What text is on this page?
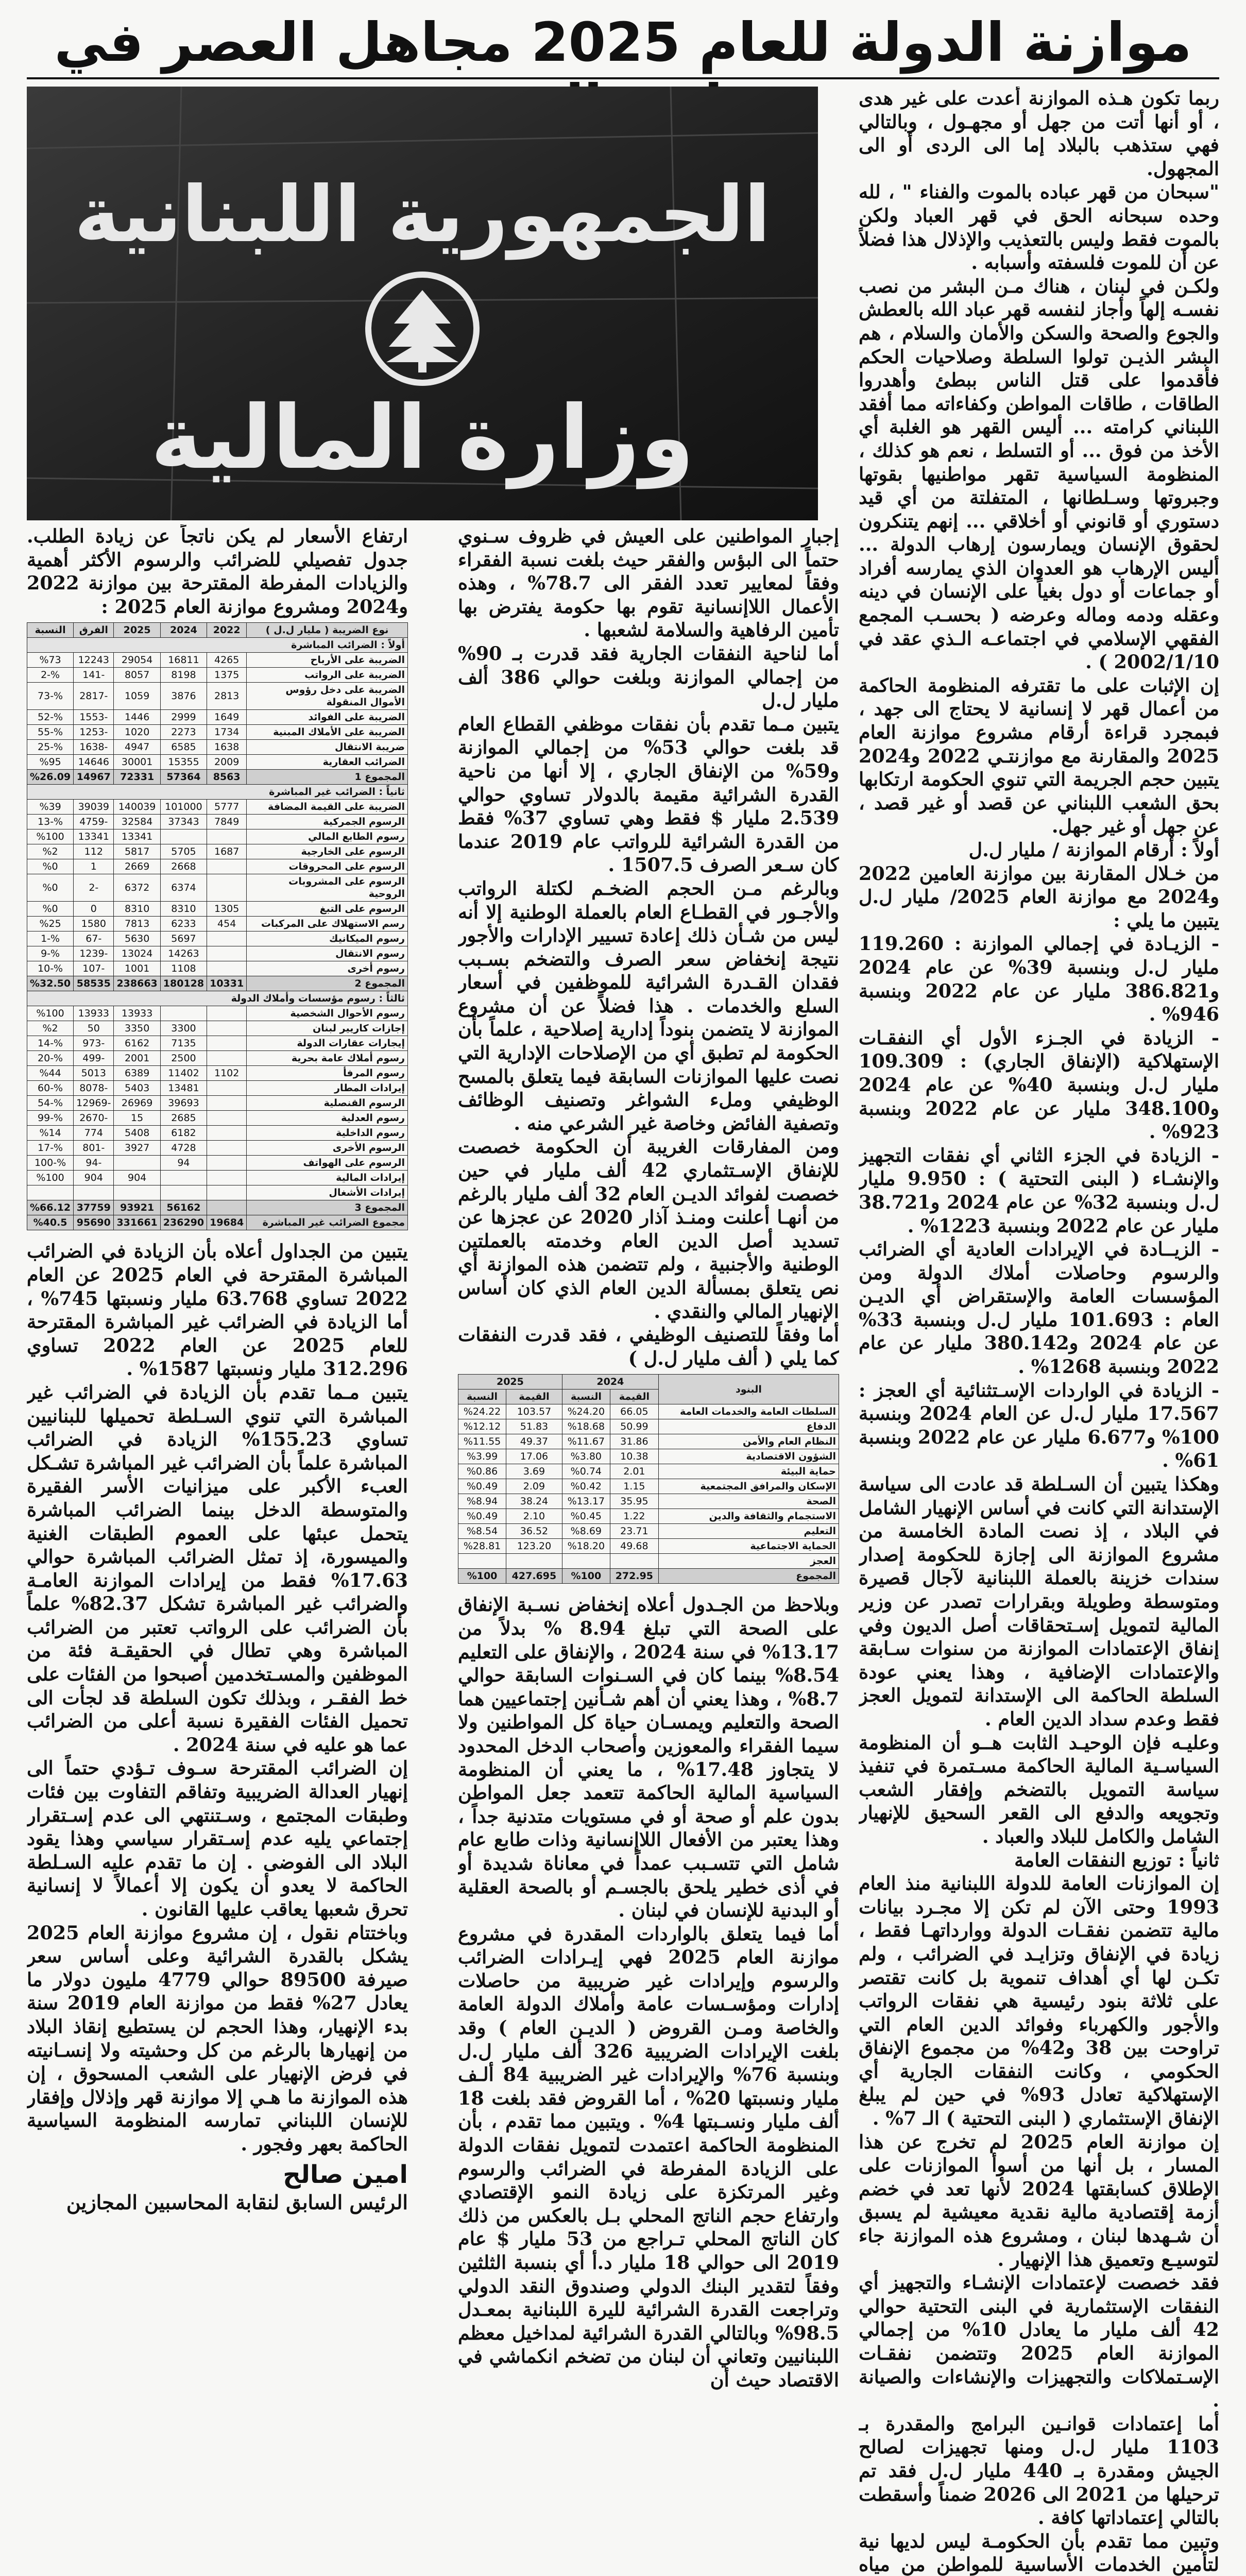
موازنة الدولة للعام 2025 مجاهل العصر في
الجمهورية اللبنانية
وزارة المالية

ربما تكون هـذه الموازنة أعدت على غير هدى ، أو أنها أتت من جهل أو مجهـول ، وبالتالي فهي ستذهب بالبلاد إما الى الردى أو الى المجهول.

"سبحان من قهر عباده بالموت والفناء " ، لله وحده سبحانه الحق في قهر العباد ولكن بالموت فقط وليس بالتعذيب والإذلال هذا فضلاً عن أن للموت فلسفته وأسبابه .

ولكـن في لبنان ، هناك مـن البشر من نصب نفسـه إلهاً وأجاز لنفسه قهر عباد الله بالعطش والجوع والصحة والسكن والأمان والسلام ، هم البشر الذيـن تولوا السلطة وصلاحيات الحكم فأقدموا على قتل الناس ببطئ وأهدروا الطاقات ، طاقات المواطن وكفاءاته مما أفقد اللبناني كرامته ... أليس القهر هو الغلبة أي الأخذ من فوق ... أو التسلط ، نعم هو كذلك ، المنظومة السياسية تقهر مواطنيها بقوتها وجبروتها وسـلطانها ، المتفلتة من أي قيد دستوري أو قانوني أو أخلاقي ... إنهم يتنكرون لحقوق الإنسان ويمارسون إرهاب الدولة ... أليس الإرهاب هو العدوان الذي يمارسه أفراد أو جماعات أو دول بغياً على الإنسان في دينه وعقله ودمه وماله وعرضه ( بحسـب المجمع الفقهي الإسلامي في اجتماعـه الـذي عقد في 2002/1/10 ) .

إن الإثبات على ما تقترفه المنظومة الحاكمة من أعمال قهر لا إنسانية لا يحتاج الى جهد ، فبمجرد قراءة أرقام مشروع موازنة العام 2025 والمقارنة مع موازنتـي 2022 و2024 يتبين حجم الجريمة التي تنوي الحكومة ارتكابها بحق الشعب اللبناني عن قصد أو غير قصد ، عن جهل أو غير جهل.

أولاً : أرقام الموازنة / مليار ل.ل

من خـلال المقارنة بين موازنة العامين 2022 و2024 مع موازنة العام 2025/ مليار ل.ل يتبين ما يلي :

- الزيـادة في إجمالي الموازنة : 119.260 مليار ل.ل وبنسبة 39% عن عام 2024 و386.821 مليار عن عام 2022 وبنسبة 946% .

- الزيادة في الجـزء الأول أي النفقـات الإستهلاكية (الإنفاق الجاري) : 109.309 مليار ل.ل وبنسبة 40% عن عام 2024 و348.100 مليار عن عام 2022 وبنسبة 923% .

- الزيادة في الجزء الثاني أي نفقات التجهيز والإنشـاء ( البنى التحتية ) : 9.950 مليار ل.ل وبنسبة 32% عن عام 2024 و38.721 مليار عن عام 2022 وبنسبة 1223% .

- الزيــادة في الإيرادات العادية أي الضرائب والرسوم وحاصلات أملاك الدولة ومن المؤسسات العامة والإستقراض أي الديـن العام : 101.693 مليار ل.ل وبنسبة 33% عن عام 2024 و380.142 مليار عن عام 2022 وبنسبة 1268% .

- الزيادة في الواردات الإسـتثنائية أي العجز : 17.567 مليار ل.ل عن العام 2024 وبنسبة 100% و6.677 مليار عن عام 2022 وبنسبة 61% .

وهكذا يتبين أن السـلطة قد عادت الى سياسة الإستدانة التي كانت في أساس الإنهيار الشامل في البلاد ، إذ نصت المادة الخامسة من مشروع الموازنة الى إجازة للحكومة إصدار سندات خزينة بالعملة اللبنانية لآجال قصيرة ومتوسطة وطويلة وبقرارات تصدر عن وزير المالية لتمويل إسـتحقاقات أصل الديون وفي إنفاق الإعتمادات الموازنة من سنوات سـابقة والإعتمادات الإضافية ، وهذا يعني عودة السلطة الحاكمة الى الإستدانة لتمويل العجز فقط وعدم سداد الدين العام .

وعليـه فإن الوحيـد الثابت هــو أن المنظومة السياسـية المالية الحاكمة مسـتمرة في تنفيذ سياسة التمويل بالتضخم وإفقار الشعب وتجويعه والدفع الى القعر السحيق للإنهيار الشامل والكامل للبلاد والعباد .

ثانياً : توزيع النفقات العامة

إن الموازنات العامة للدولة اللبنانية منذ العام 1993 وحتى الآن لم تكن إلا مجـرد بيانات مالية تتضمن نفقـات الدولة ووارداتهـا فقط ، زيادة في الإنفاق وتزايـد في الضرائب ، ولم تكـن لها أي أهداف تنموية بل كانت تقتصر على ثلاثة بنود رئيسية هي نفقات الرواتب والأجور والكهرباء وفوائد الدين العام التي تراوحت بين 38 و42% من مجموع الإنفاق الحكومي ، وكانت النفقات الجارية أي الإستهلاكية تعادل 93% في حين لم يبلغ الإنفاق الإستثماري ( البنى التحتية ) الـ 7% .

إن موازنة العام 2025 لم تخرج عن هذا المسار ، بل أنها من أسوأ الموازنات على الإطلاق كسابقتها 2024 لأنها تعد في خضم أزمة إقتصادية مالية نقدية معيشية لم يسبق أن شـهدها لبنان ، ومشروع هذه الموازنة جاء لتوسيـع وتعميق هذا الإنهيار .

فقد خصصت لإعتمادات الإنشـاء والتجهيز أي النفقات الإستثمارية في البنى التحتية حوالي 42 ألف مليار ما يعادل 10% من إجمالي الموازنة العام 2025 وتتضمن نفقـات الإسـتملاكات والتجهيزات والإنشاءات والصيانة .

أما إعتمادات قوانـين البرامج والمقدرة بـ 1103 مليار ل.ل ومنها تجهيزات لصالح الجيش ومقدرة بـ 440 مليار ل.ل فقد تم ترحيلها من 2021 الى 2026 ضمناً وأسقطت بالتالي إعتماداتها كافة .

وتبين مما تقدم بأن الحكومـة ليس لديها نية لتأمين الخدمات الأساسية للمواطن من مياه

إجبار المواطنين على العيش في ظروف سـنوي حتماً الى البؤس والفقر حيث بلغت نسبة الفقراء وفقاً لمعايير تعدد الفقر الى 78.7% ، وهذه الأعمال اللاإنسانية تقوم بها حكومة يفترض بها تأمين الرفاهية والسلامة لشعبها .

أما لناحية النفقات الجارية فقد قدرت بـ 90% من إجمالي الموازنة وبلغت حوالي 386 ألف مليار ل.ل

يتبين مـما تقدم بأن نفقات موظفي القطاع العام قد بلغت حوالي 53% من إجمالي الموازنة و59% من الإنفاق الجاري ، إلا أنها من ناحية القدرة الشرائية مقيمة بالدولار تساوي حوالي 2.539 مليار $ فقط وهي تساوي 37% فقط من القدرة الشرائية للرواتب عام 2019 عندما كان سـعر الصرف 1507.5 .

وبالرغم مـن الحجم الضخـم لكتلة الرواتب والأجـور في القطـاع العام بالعملة الوطنية إلا أنه ليس من شـأن ذلك إعادة تسيير الإدارات والأجور نتيجة إنخفاض سعر الصرف والتضخم بسـبب فقدان القـدرة الشرائية للموظفين في أسعار السلع والخدمات . هذا فضلاً عن أن مشروع الموازنة لا يتضمن بنوداً إدارية إصلاحية ، علماً بأن الحكومة لم تطبق أي من الإصلاحات الإدارية التي نصت عليها الموازنات السابقة فيما يتعلق بالمسح الوظيفي وملء الشواغر وتصنيف الوظائف وتصفية الفائض وخاصة غير الشرعي منه .

ومن المفارقات الغريبة أن الحكومة خصصت للإنفاق الإسـتثماري 42 ألف مليار في حين خصصت لفوائد الديـن العام 32 ألف مليار بالرغم من أنهـا أعلنت ومنـذ آذار 2020 عن عجزها عن تسديد أصل الدين العام وخدمته بالعملتين الوطنية والأجنبية ، ولم تتضمن هذه الموازنة أي نص يتعلق بمسألة الدين العام الذي كان أساس الإنهيار المالي والنقدي .

أما وفقاً للتصنيف الوظيفي ، فقد قدرت النفقات كما يلي ( ألف مليار ل.ل )

البنود	2024		2025	
	القيمة	النسبة	القيمة	النسبة
السلطات العامة والخدمات العامة	66.05	%24.20	103.57	%24.22
الدفاع	50.99	%18.68	51.83	%12.12
النظام العام والأمن	31.86	%11.67	49.37	%11.55
الشؤون الاقتصادية	10.38	%3.80	17.06	%3.99
حماية البيئة	2.01	%0.74	3.69	%0.86
الإسكان والمرافق المجتمعية	1.15	%0.42	2.09	%0.49
الصحة	35.95	%13.17	38.24	%8.94
الاستجمام والثقافة والدين	1.22	%0.45	2.10	%0.49
التعليم	23.71	%8.69	36.52	%8.54
الحماية الاجتماعية	49.68	%18.20	123.20	%28.81
العجز				
المجموع	272.95	%100	427.695	%100

وبلاحظ من الجـدول أعلاه إنخفاض نسـبة الإنفاق على الصحة التي تبلغ 8.94 % بدلاً من 13.17% في سنة 2024 ، والإنفاق على التعليم 8.54% بينما كان في السـنوات السابقة حوالي 8.7% ، وهذا يعني أن أهم شـأنين إجتماعيين هما الصحة والتعليم ويمسـان حياة كل المواطنين ولا سيما الفقراء والمعوزين وأصحاب الدخل المحدود لا يتجاوز 17.48% ، ما يعني أن المنظومة السياسية المالية الحاكمة تتعمد جعل المواطن بدون علم أو صحة أو في مستويات متدنية جداً ، وهذا يعتبر من الأفعال اللاإنسانية وذات طابع عام شامل التي تتسـبب عمداً في معاناة شديدة أو في أذى خطير يلحق بالجسـم أو بالصحة العقلية أو البدنية للإنسان في لبنان .

أما فيما يتعلق بالواردات المقدرة في مشروع موازنة العام 2025 فهي إيـرادات الضرائب والرسوم وإيرادات غير ضريبية من حاصلات إدارات ومؤسـسات عامة وأملاك الدولة العامة والخاصة ومـن القروض ( الديـن العام ) وقد بلغت الإيرادات الضريبية 326 ألف مليار ل.ل وبنسبة 76% والإيرادات غير الضريبية 84 ألـف مليار ونسبتها 20% ، أما القروض فقد بلغت 18 ألف مليار ونسـبتها 4% . ويتبين مما تقدم ، بأن المنظومة الحاكمة اعتمدت لتمويل نفقات الدولة على الزيادة المفرطة في الضرائب والرسوم وغير المرتكزة على زيادة النمو الإقتصادي وارتفاع حجم الناتج المحلي بـل بالعكس من ذلك كان الناتج المحلي تـراجع من 53 مليار $ عام 2019 الى حوالي 18 مليار د.أ أي بنسبة الثلثين وفقاً لتقدير البنك الدولي وصندوق النقد الدولي وتراجعت القدرة الشرائية لليرة اللبنانية بمعـدل 98.5% وبالتالي القدرة الشرائية لمداخيل معظم اللبنانيين وتعاني أن لبنان من تضخم انكماشي في الاقتصاد حيث أن

ارتفاع الأسعار لم يكن ناتجاً عن زيادة الطلب. جدول تفصيلي للضرائب والرسوم الأكثر أهمية والزيادات المفرطة المقترحة بين موازنة 2022 و2024 ومشروع موازنة العام 2025 :

نوع الضريبة ( مليار ل.ل )	2022	2024	2025	الفرق	النسبة
أولاً : الضرائب المباشرة					
الضريبة على الأرباح	4265	16811	29054	12243	%73
الضريبة على الرواتب	1375	8198	8057	-141	%-2
الضريبة على دخل رؤوس الأموال المنقولة	2813	3876	1059	-2817	%-73
الضريبة على الفوائد	1649	2999	1446	-1553	%-52
الضريبة على الأملاك المبنية	1734	2273	1020	-1253	%-55
ضريبة الانتقال	1638	6585	4947	-1638	%-25
الضرائب العقارية	2009	15355	30001	14646	%95
المجموع 1	8563	57364	72331	14967	%26.09
ثانياً : الضرائب غير المباشرة					
الضريبة على القيمة المضافة	5777	101000	140039	39039	%39
الرسوم الجمركية	7849	37343	32584	-4759	%-13
رسوم الطابع المالي			13341	13341	%100
الرسوم على الخارجية	1687	5705	5817	112	%2
الرسوم على المحروقات		2668	2669	1	%0
الرسوم على المشروبات الروحية		6374	6372	-2	%0
الرسوم على التبغ	1305	8310	8310	0	%0
رسم الاستهلاك على المركبات	454	6233	7813	1580	%25
رسوم الميكانيك		5697	5630	-67	%-1
رسوم الانتقال		14263	13024	-1239	%-9
رسوم أخرى		1108	1001	-107	%-10
المجموع 2	10331	180128	238663	58535	%32.50
ثالثاً : رسوم مؤسسات وأملاك الدولة					
رسوم الأحوال الشخصية			13933	13933	%100
إجازات كاريير لبنان		3300	3350	50	%2
إيجارات عقارات الدولة		7135	6162	-973	%-14
رسوم أملاك عامة بحرية		2500	2001	-499	%-20
رسوم المرفأ	1102	11402	6389	5013	%44
إيرادات المطار		13481	5403	-8078	%-60
الرسوم القنصلية		39693	26969	-12969	%-54
رسوم العدلية		2685	15	-2670	%-99
رسوم الداخلية		6182	5408	774	%14
الرسوم الأخرى		4728	3927	-801	%-17
الرسوم على الهواتف		94		-94	%-100
إيرادات المالية			904	904	%100
إيرادات الأشغال					
المجموع 3		56162	93921	37759	%66.12
مجموع الضرائب غير المباشرة	19684	236290	331661	95690	%40.5

يتبين من الجداول أعلاه بأن الزيادة في الضرائب المباشرة المقترحة في العام 2025 عن العام 2022 تساوي 63.768 مليار ونسبتها 745% ، أما الزيادة في الضرائب غير المباشرة المقترحة للعام 2025 عن العام 2022 تساوي 312.296 مليار ونسبتها 1587% .

يتبين مـما تقدم بأن الزيادة في الضرائب غير المباشرة التي تنوي السـلطة تحميلها للبنانيين تساوي 155.23% الزيادة في الضرائب المباشرة علماً بأن الضرائب غير المباشرة تشـكل العبء الأكبر على ميزانيات الأسر الفقيرة والمتوسطة الدخل بينما الضرائب المباشرة يتحمل عبئها على العموم الطبقات الغنية والميسورة، إذ تمثل الضرائب المباشرة حوالي 17.63% فقط من إيرادات الموازنة العامـة والضرائب غير المباشرة تشكل 82.37% علماً بأن الضرائب على الرواتب تعتبر من الضرائب المباشرة وهي تطال في الحقيقـة فئة من الموظفين والمسـتخدمين أصبحوا من الفئات على خط الفقـر ، وبذلك تكون السلطة قد لجأت الى تحميل الفئات الفقيرة نسبة أعلى من الضرائب عما هو عليه في سنة 2024 .

إن الضرائب المقترحة سـوف تـؤدي حتماً الى إنهيار العدالة الضريبية وتفاقم التفاوت بين فئات وطبقات المجتمع ، وسـتنتهي الى عدم إسـتقرار إجتماعي يليه عدم إسـتقرار سياسي وهذا يقود البلاد الى الفوضى . إن ما تقدم عليه السـلطة الحاكمة لا يعدو أن يكون إلا أعمالاً لا إنسانية تحرق شعبها يعاقب عليها القانون .

وباختتام نقول ، إن مشروع موازنة العام 2025 يشكل بالقدرة الشرائية وعلى أساس سعر صيرفة 89500 حوالي 4779 مليون دولار ما يعادل 27% فقط من موازنة العام 2019 سنة بدء الإنهيار، وهذا الحجم لن يستطيع إنقاذ البلاد من إنهيارها بالرغم من كل وحشيته ولا إنسـانيته في فرض الإنهيار على الشعب المسحوق ، إن هذه الموازنة ما هـي إلا موازنة قهر وإذلال وإفقار للإنسان اللبناني تمارسه المنظومة السياسية الحاكمة بعهر وفجور .

امين صالح
الرئيس السابق لنقابة المحاسبين المجازين
